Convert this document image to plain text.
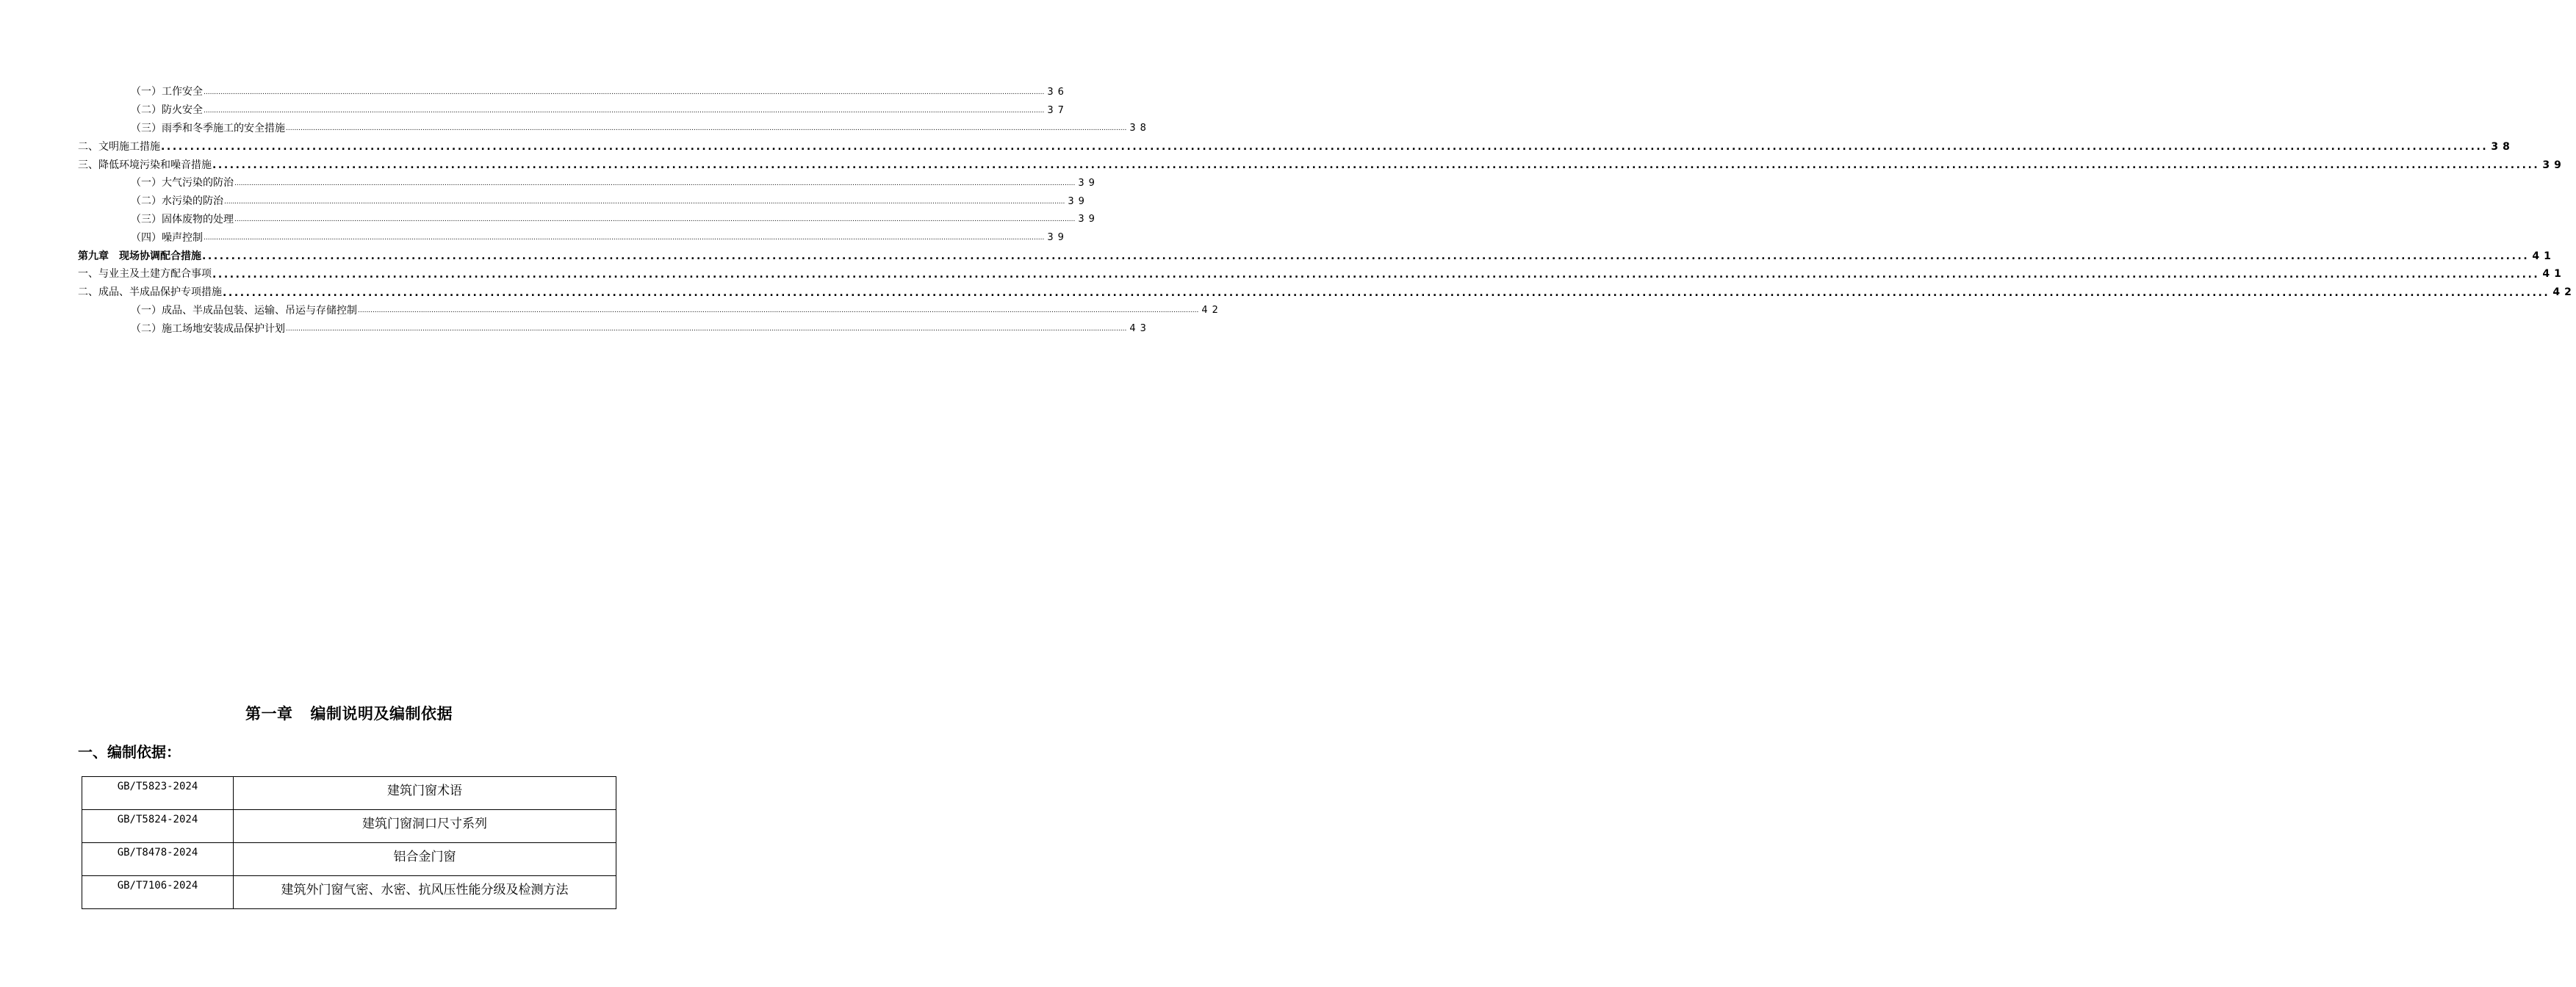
（一）工作安全 ................................................................................................................................................................................................................................................................................................................................................................................................................ 36
（二）防火安全 ................................................................................................................................................................................................................................................................................................................................................................................................................ 37
（三）雨季和冬季施工的安全措施 ................................................................................................................................................................................................................................................................................................................................................................................................................ 38
二、文明施工措施 ................................................................................................................................................................................................................................................................................................................................................................................................................ 38
三、降低环境污染和噪音措施 ................................................................................................................................................................................................................................................................................................................................................................................................................ 39
（一）大气污染的防治 ................................................................................................................................................................................................................................................................................................................................................................................................................ 39
（二）水污染的防治 ................................................................................................................................................................................................................................................................................................................................................................................................................ 39
（三）固体废物的处理 ................................................................................................................................................................................................................................................................................................................................................................................................................ 39
（四）噪声控制 ................................................................................................................................................................................................................................................................................................................................................................................................................ 39
第九章　现场协调配合措施 ................................................................................................................................................................................................................................................................................................................................................................................................................ 41
一、与业主及土建方配合事项 ................................................................................................................................................................................................................................................................................................................................................................................................................ 41
二、成品、半成品保护专项措施 ................................................................................................................................................................................................................................................................................................................................................................................................................ 42
（一）成品、半成品包装、运输、吊运与存储控制 ................................................................................................................................................................................................................................................................................................................................................................................................................ 42
（二）施工场地安装成品保护计划 ................................................................................................................................................................................................................................................................................................................................................................................................................ 43
第一章 编制说明及编制依据
一、编制依据：
GB/T5823-2024	建筑门窗术语
GB/T5824-2024	建筑门窗洞口尺寸系列
GB/T8478-2024	铝合金门窗
GB/T7106-2024	建筑外门窗气密、水密、抗风压性能分级及检测方法
